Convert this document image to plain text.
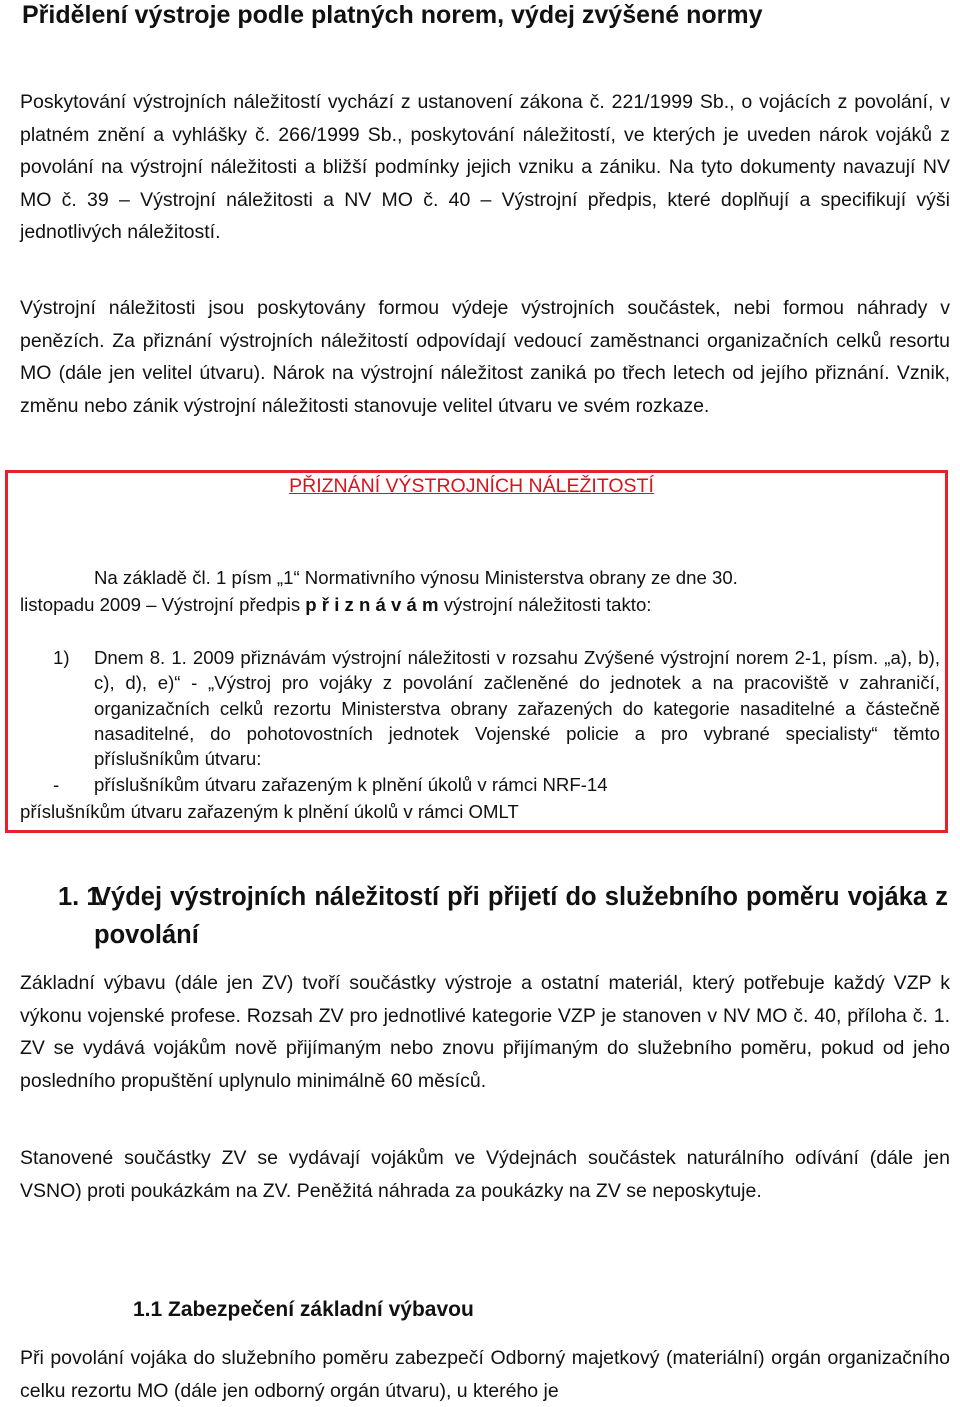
Přidělení výstroje podle platných norem, výdej zvýšené normy
Poskytování výstrojních náležitostí vychází z ustanovení zákona č. 221/1999 Sb., o vojácích z povolání, v platném znění a vyhlášky č. 266/1999 Sb., poskytování náležitostí, ve kterých je uveden nárok vojáků z povolání na výstrojní náležitosti a bližší podmínky jejich vzniku a zániku. Na tyto dokumenty navazují NV MO č. 39 – Výstrojní náležitosti a NV MO č. 40 – Výstrojní předpis, které doplňují a specifikují výši jednotlivých náležitostí.
Výstrojní náležitosti jsou poskytovány formou výdeje výstrojních součástek, nebi formou náhrady v penězích. Za přiznání výstrojních náležitostí odpovídají vedoucí zaměstnanci organizačních celků resortu MO (dále jen velitel útvaru). Nárok na výstrojní náležitost zaniká po třech letech od jejího přiznání. Vznik, změnu nebo zánik výstrojní náležitosti stanovuje velitel útvaru ve svém rozkaze.
PŘIZNÁNÍ VÝSTROJNÍCH NÁLEŽITOSTÍ
Na základě čl. 1 písm „1“ Normativního výnosu Ministerstva obrany ze dne 30.
listopadu 2009 – Výstrojní předpis p ř i z n á v á m výstrojní náležitosti takto:
1) Dnem 8. 1. 2009 přiznávám výstrojní náležitosti v rozsahu Zvýšené výstrojní norem 2-1, písm. „a), b), c), d), e)“ - „Výstroj pro vojáky z povolání začleněné do jednotek a na pracoviště v zahraničí, organizačních celků rezortu Ministerstva obrany zařazených do kategorie nasaditelné a částečně nasaditelné, do pohotovostních jednotek Vojenské policie a pro vybrané specialisty“ těmto příslušníkům útvaru:
- příslušníkům útvaru zařazeným k plnění úkolů v rámci NRF-14
příslušníkům útvaru zařazeným k plnění úkolů v rámci OMLT
1. 1.
Výdej výstrojních náležitostí při přijetí do služebního poměru vojáka z povolání
Základní výbavu (dále jen ZV) tvoří součástky výstroje a ostatní materiál, který potřebuje každý VZP k výkonu vojenské profese. Rozsah ZV pro jednotlivé kategorie VZP je stanoven v NV MO č. 40, příloha č. 1. ZV se vydává vojákům nově přijímaným nebo znovu přijímaným do služebního poměru, pokud od jeho posledního propuštění uplynulo minimálně 60 měsíců.
Stanovené součástky ZV se vydávají vojákům ve Výdejnách součástek naturálního odívání (dále jen VSNO) proti poukázkám na ZV. Peněžitá náhrada za poukázky na ZV se neposkytuje.
1.1 Zabezpečení základní výbavou
Při povolání vojáka do služebního poměru zabezpečí Odborný majetkový (materiální) orgán organizačního celku rezortu MO (dále jen odborný orgán útvaru), u kterého je
